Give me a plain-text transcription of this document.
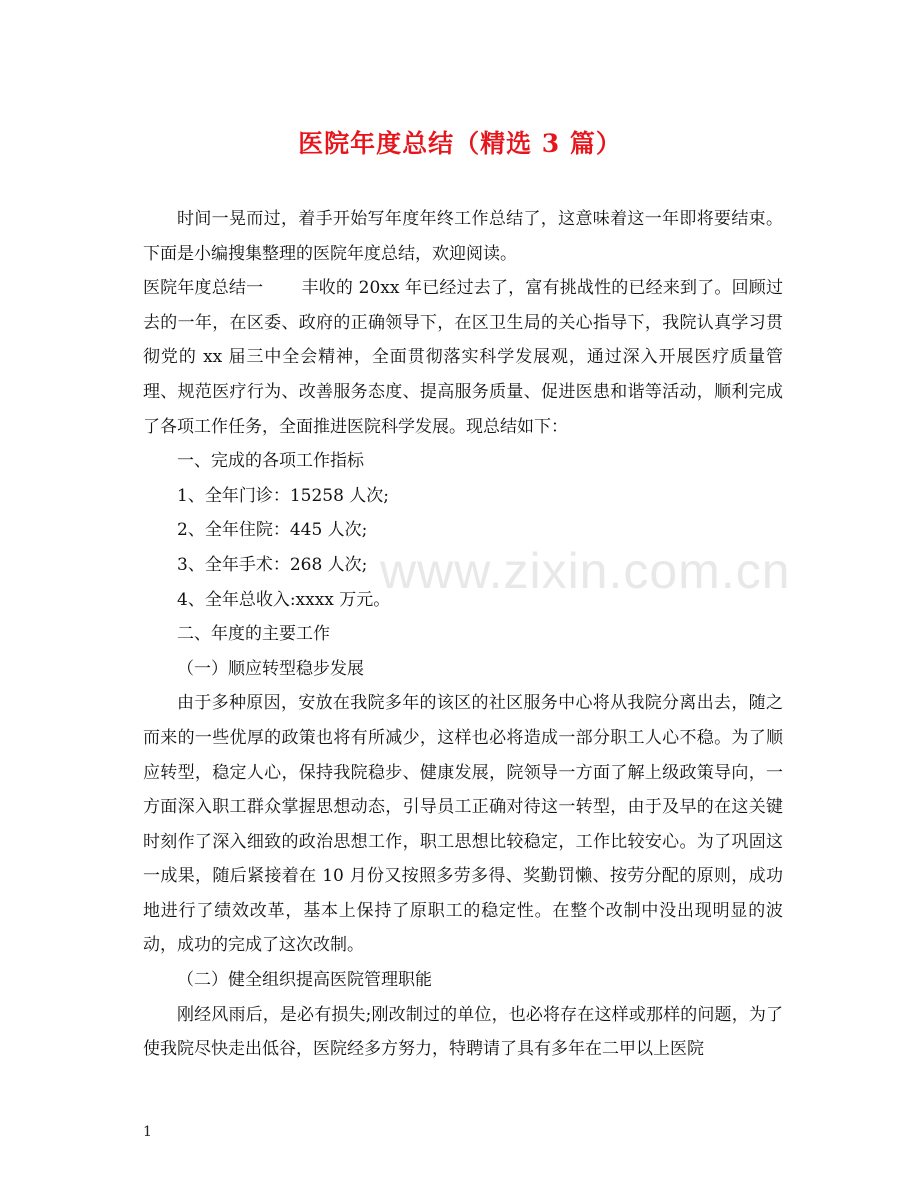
医院年度总结（精选 3 篇）

时间一晃而过，着手开始写年度年终工作总结了，这意味着这一年即将要结束。下面是小编搜集整理的医院年度总结，欢迎阅读。

医院年度总结一 丰收的 20xx 年已经过去了，富有挑战性的已经来到了。回顾过去的一年，在区委、政府的正确领导下，在区卫生局的关心指导下，我院认真学习贯彻党的 xx 届三中全会精神，全面贯彻落实科学发展观，通过深入开展医疗质量管理、规范医疗行为、改善服务态度、提高服务质量、促进医患和谐等活动，顺利完成了各项工作任务，全面推进医院科学发展。现总结如下：

一、完成的各项工作指标

1、全年门诊：15258 人次;

2、全年住院：445 人次;

3、全年手术：268 人次;

4、全年总收入:xxxx 万元。

二、年度的主要工作

（一）顺应转型稳步发展

由于多种原因，安放在我院多年的该区的社区服务中心将从我院分离出去，随之而来的一些优厚的政策也将有所减少，这样也必将造成一部分职工人心不稳。为了顺应转型，稳定人心，保持我院稳步、健康发展，院领导一方面了解上级政策导向，一方面深入职工群众掌握思想动态，引导员工正确对待这一转型，由于及早的在这关键时刻作了深入细致的政治思想工作，职工思想比较稳定，工作比较安心。为了巩固这一成果，随后紧接着在 10 月份又按照多劳多得、奖勤罚懒、按劳分配的原则，成功地进行了绩效改革，基本上保持了原职工的稳定性。在整个改制中没出现明显的波动，成功的完成了这次改制。

（二）健全组织提高医院管理职能

刚经风雨后，是必有损失;刚改制过的单位，也必将存在这样或那样的问题，为了使我院尽快走出低谷，医院经多方努力，特聘请了具有多年在二甲以上医院

www.zixin.com.cn
1
